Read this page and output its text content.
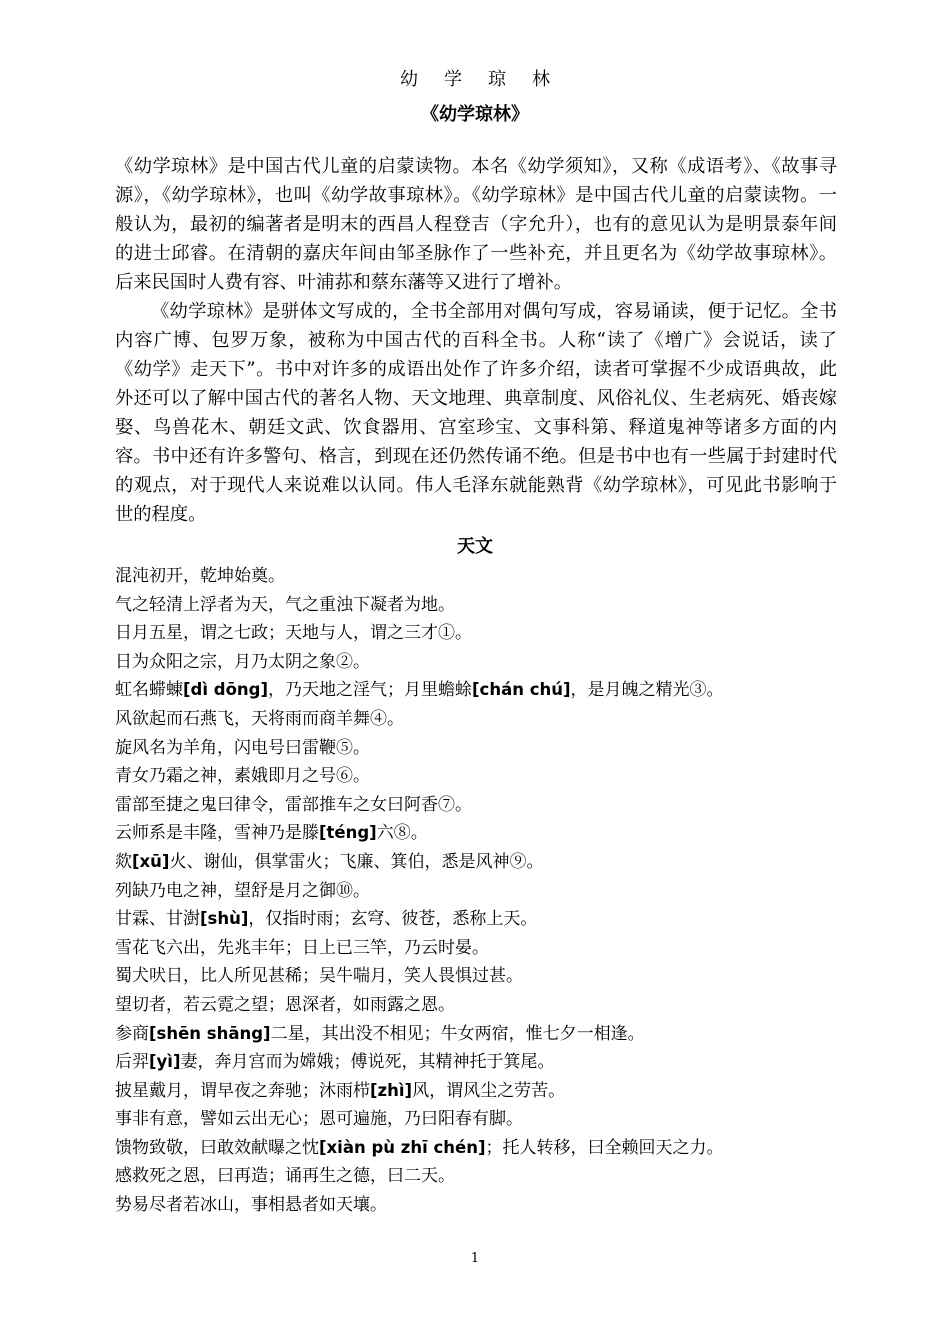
幼学琼林
《幼学琼林》

《幼学琼林》是中国古代儿童的启蒙读物。本名《幼学须知》，又称《成语考》、《故事寻源》，《幼学琼林》，也叫《幼学故事琼林》。《幼学琼林》是中国古代儿童的启蒙读物。一般认为，最初的编著者是明末的西昌人程登吉（字允升），也有的意见认为是明景泰年间的进士邱睿。在清朝的嘉庆年间由邹圣脉作了一些补充，并且更名为《幼学故事琼林》。后来民国时人费有容、叶浦荪和蔡东藩等又进行了增补。

《幼学琼林》是骈体文写成的，全书全部用对偶句写成，容易诵读，便于记忆。全书内容广博、包罗万象，被称为中国古代的百科全书。人称“读了《增广》会说话，读了《幼学》走天下”。书中对许多的成语出处作了许多介绍，读者可掌握不少成语典故，此外还可以了解中国古代的著名人物、天文地理、典章制度、风俗礼仪、生老病死、婚丧嫁娶、鸟兽花木、朝廷文武、饮食器用、宫室珍宝、文事科第、释道鬼神等诸多方面的内容。书中还有许多警句、格言，到现在还仍然传诵不绝。但是书中也有一些属于封建时代的观点，对于现代人来说难以认同。伟人毛泽东就能熟背《幼学琼林》，可见此书影响于世的程度。

天文
混沌初开，乾坤始奠。
气之轻清上浮者为天，气之重浊下凝者为地。
日月五星，谓之七政；天地与人，谓之三才①。
日为众阳之宗，月乃太阴之象②。
虹名䗖蝀[dì dōng]，乃天地之淫气；月里蟾蜍[chán chú]，是月魄之精光③。
风欲起而石燕飞，天将雨而商羊舞④。
旋风名为羊角，闪电号曰雷鞭⑤。
青女乃霜之神，素娥即月之号⑥。
雷部至捷之鬼曰律令，雷部推车之女曰阿香⑦。
云师系是丰隆，雪神乃是滕[téng]六⑧。
欻[xū]火、谢仙，俱掌雷火；飞廉、箕伯，悉是风神⑨。
列缺乃电之神，望舒是月之御⑩。
甘霖、甘澍[shù]，仅指时雨；玄穹、彼苍，悉称上天。
雪花飞六出，先兆丰年；日上已三竿，乃云时晏。
蜀犬吠日，比人所见甚稀；吴牛喘月，笑人畏惧过甚。
望切者，若云霓之望；恩深者，如雨露之恩。
参商[shēn shāng]二星，其出没不相见；牛女两宿，惟七夕一相逢。
后羿[yì]妻，奔月宫而为嫦娥；傅说死，其精神托于箕尾。
披星戴月，谓早夜之奔驰；沐雨栉[zhì]风，谓风尘之劳苦。
事非有意，譬如云出无心；恩可遍施，乃曰阳春有脚。
馈物致敬，曰敢效献曝之忱[xiàn pù zhī chén]；托人转移，曰全赖回天之力。
感救死之恩，曰再造；诵再生之德，曰二天。
势易尽者若冰山，事相悬者如天壤。
1
